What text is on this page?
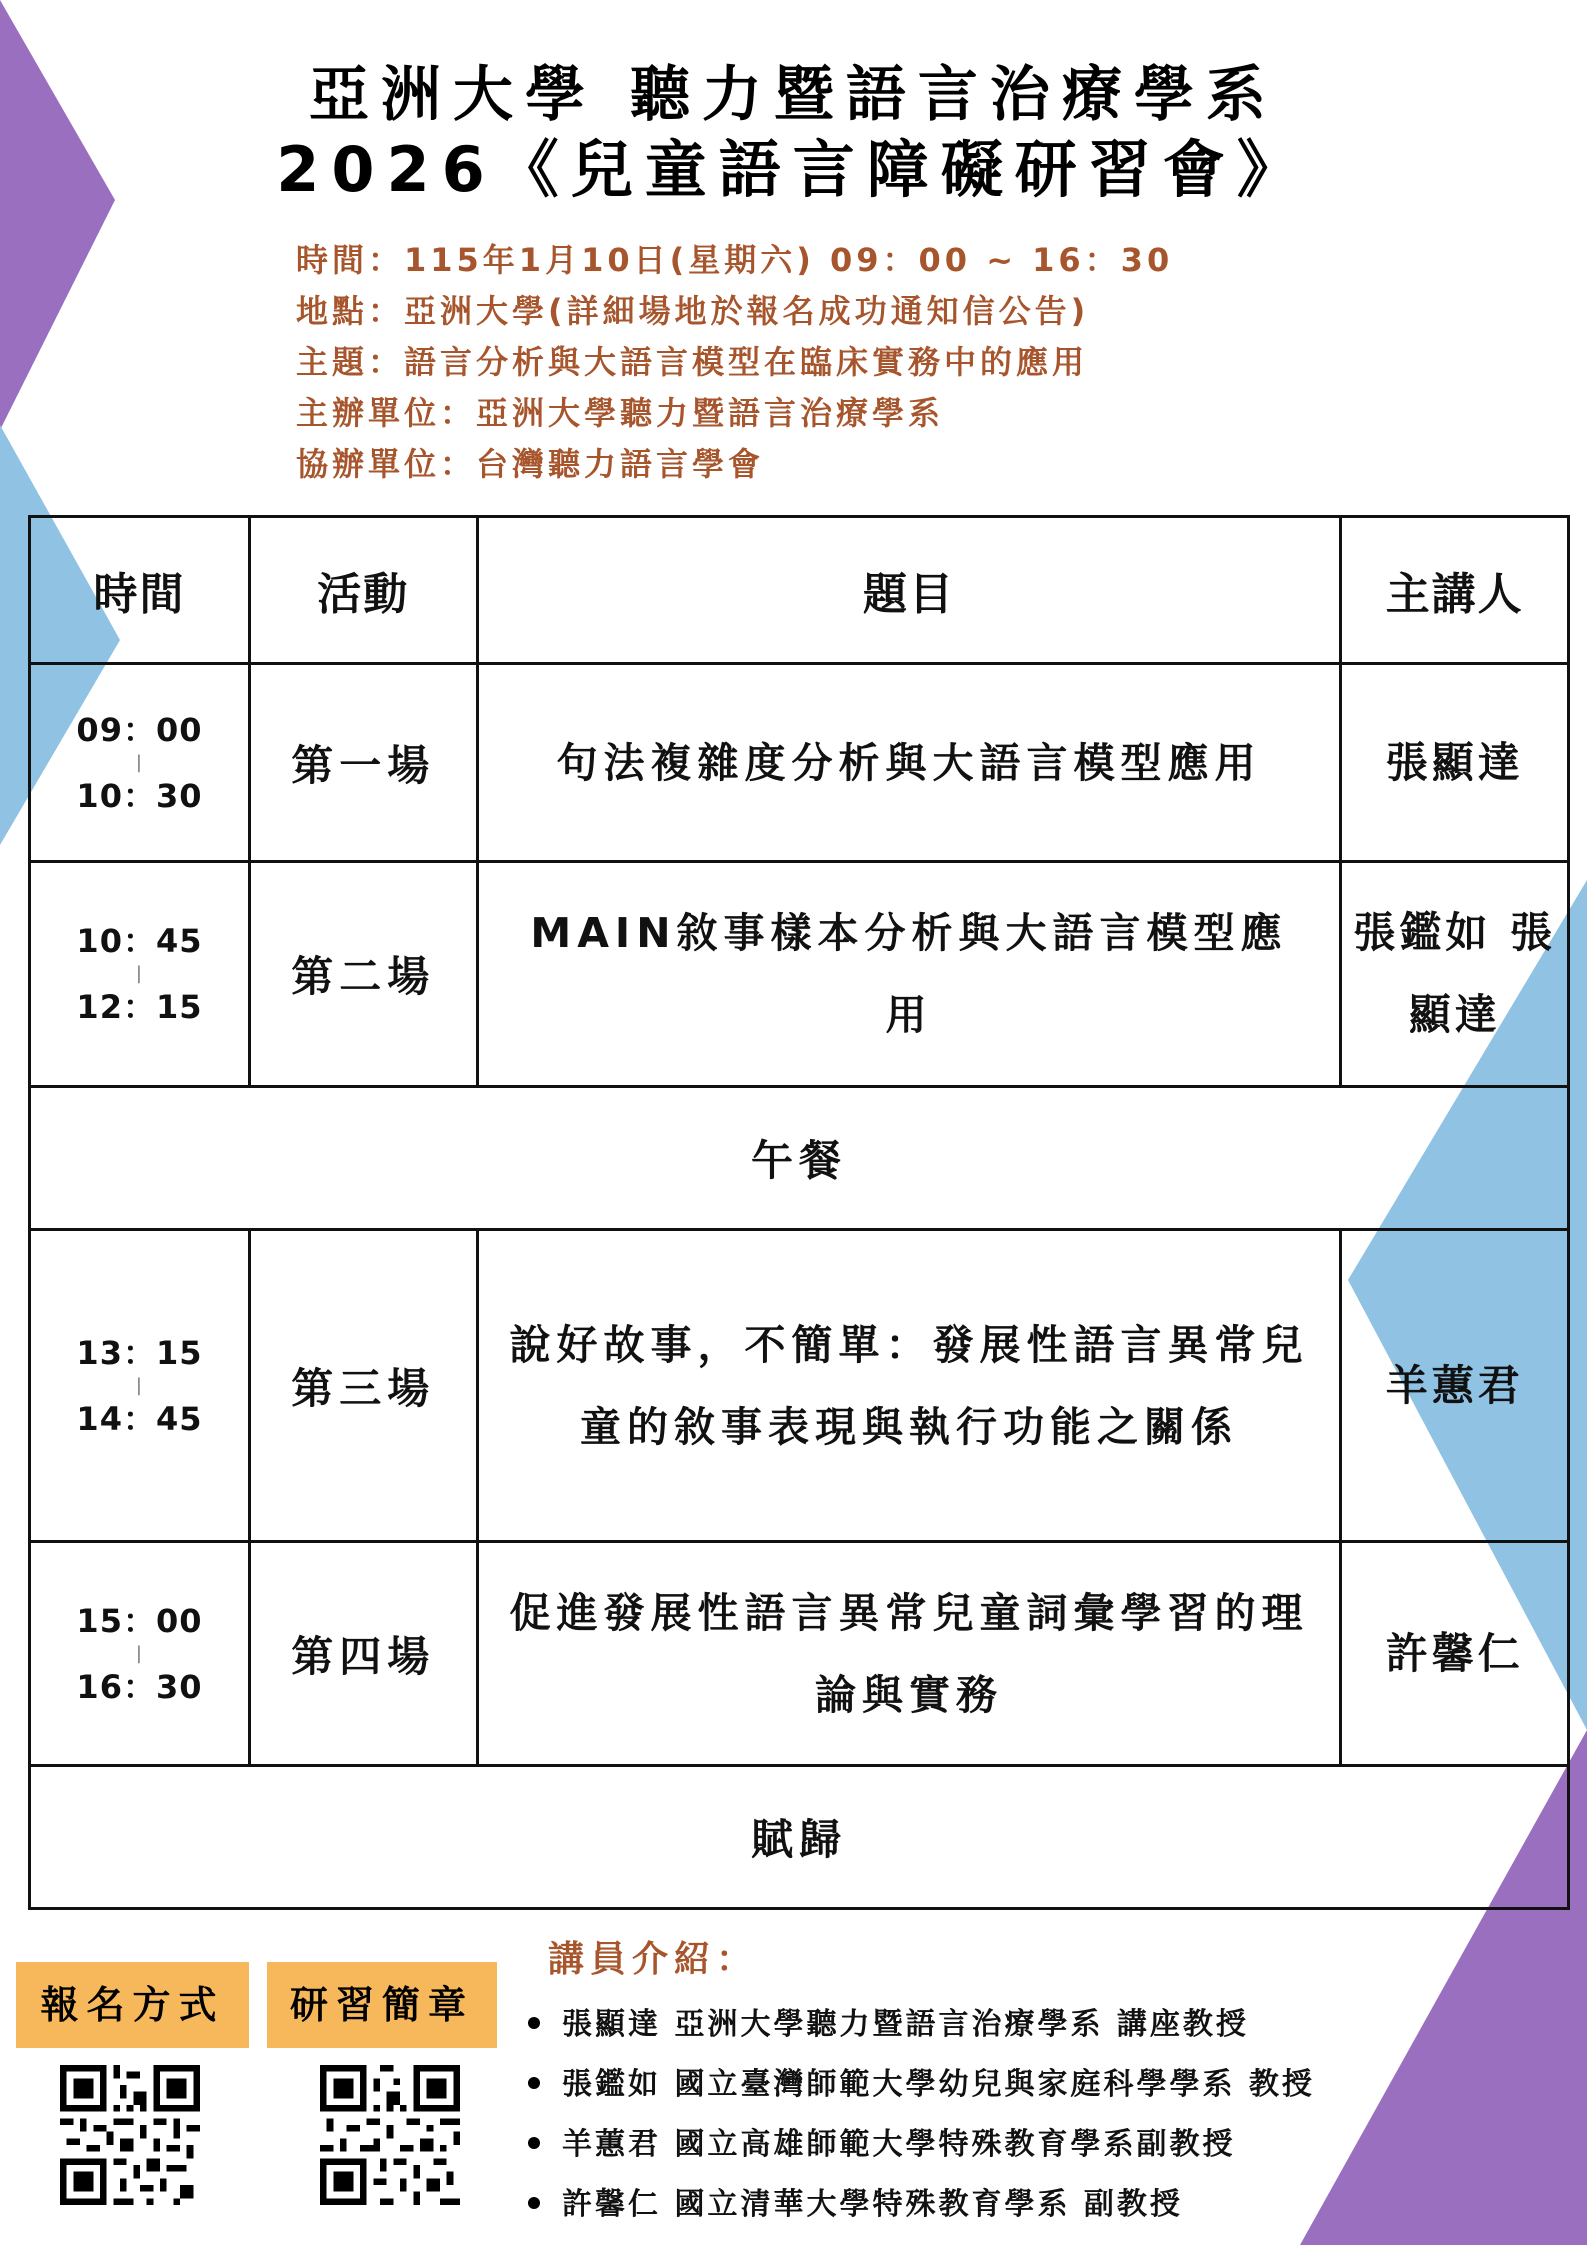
亞洲大學 聽力暨語言治療學系
2026《兒童語言障礙研習會》
時間：115年1月10日(星期六) 09：00 ~ 16：30
地點：亞洲大學(詳細場地於報名成功通知信公告)
主題：語言分析與大語言模型在臨床實務中的應用
主辦單位：亞洲大學聽力暨語言治療學系
協辦單位：台灣聽力語言學會
時間	活動	題目	主講人
09：00
|
10：30	第一場	句法複雜度分析與大語言模型應用	張顯達
10：45
|
12：15	第二場	MAIN敘事樣本分析與大語言模型應用	張鑑如 張顯達
午餐			
13：15
|
14：45	第三場	說好故事，不簡單：發展性語言異常兒童的敘事表現與執行功能之關係	羊蕙君
15：00
|
16：30	第四場	促進發展性語言異常兒童詞彙學習的理論與實務	許馨仁
賦歸			
報名方式	研習簡章
講員介紹：
張顯達 亞洲大學聽力暨語言治療學系 講座教授
張鑑如 國立臺灣師範大學幼兒與家庭科學學系 教授
羊蕙君 國立高雄師範大學特殊教育學系副教授
許馨仁 國立清華大學特殊教育學系 副教授
